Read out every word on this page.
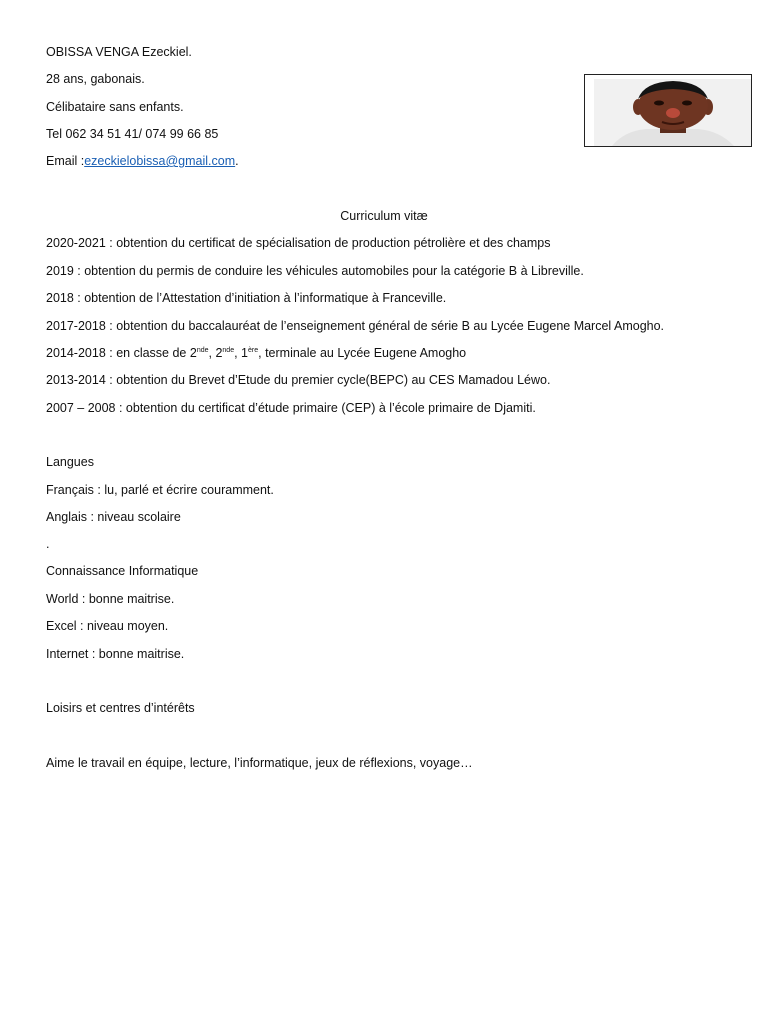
OBISSA VENGA Ezeckiel.
28 ans, gabonais.
Célibataire sans enfants.
Tel 062 34 51 41/ 074 99 66 85
Email :ezeckielobissa@gmail.com.
Curriculum vitæ
2020-2021 : obtention du certificat de spécialisation de production pétrolière et des champs
2019 : obtention du permis de conduire les véhicules automobiles pour la catégorie B à Libreville.
2018 : obtention de l’Attestation d’initiation à l’informatique à Franceville.
2017-2018 : obtention du baccalauréat de l’enseignement général de série B au Lycée Eugene Marcel Amogho.
2014-2018 : en classe de 2nde, 2nde, 1ère, terminale au Lycée Eugene Amogho
2013-2014 : obtention du Brevet d’Etude du premier cycle(BEPC) au CES Mamadou Léwo.
2007 – 2008 : obtention du certificat d’étude primaire (CEP) à l’école primaire de Djamiti.
Langues
Français : lu, parlé et écrire couramment.
Anglais : niveau scolaire
.
Connaissance Informatique
World : bonne maitrise.
Excel : niveau moyen.
Internet : bonne maitrise.
Loisirs et centres d’intérêts
Aime le travail en équipe, lecture, l’informatique, jeux de réflexions, voyage…
